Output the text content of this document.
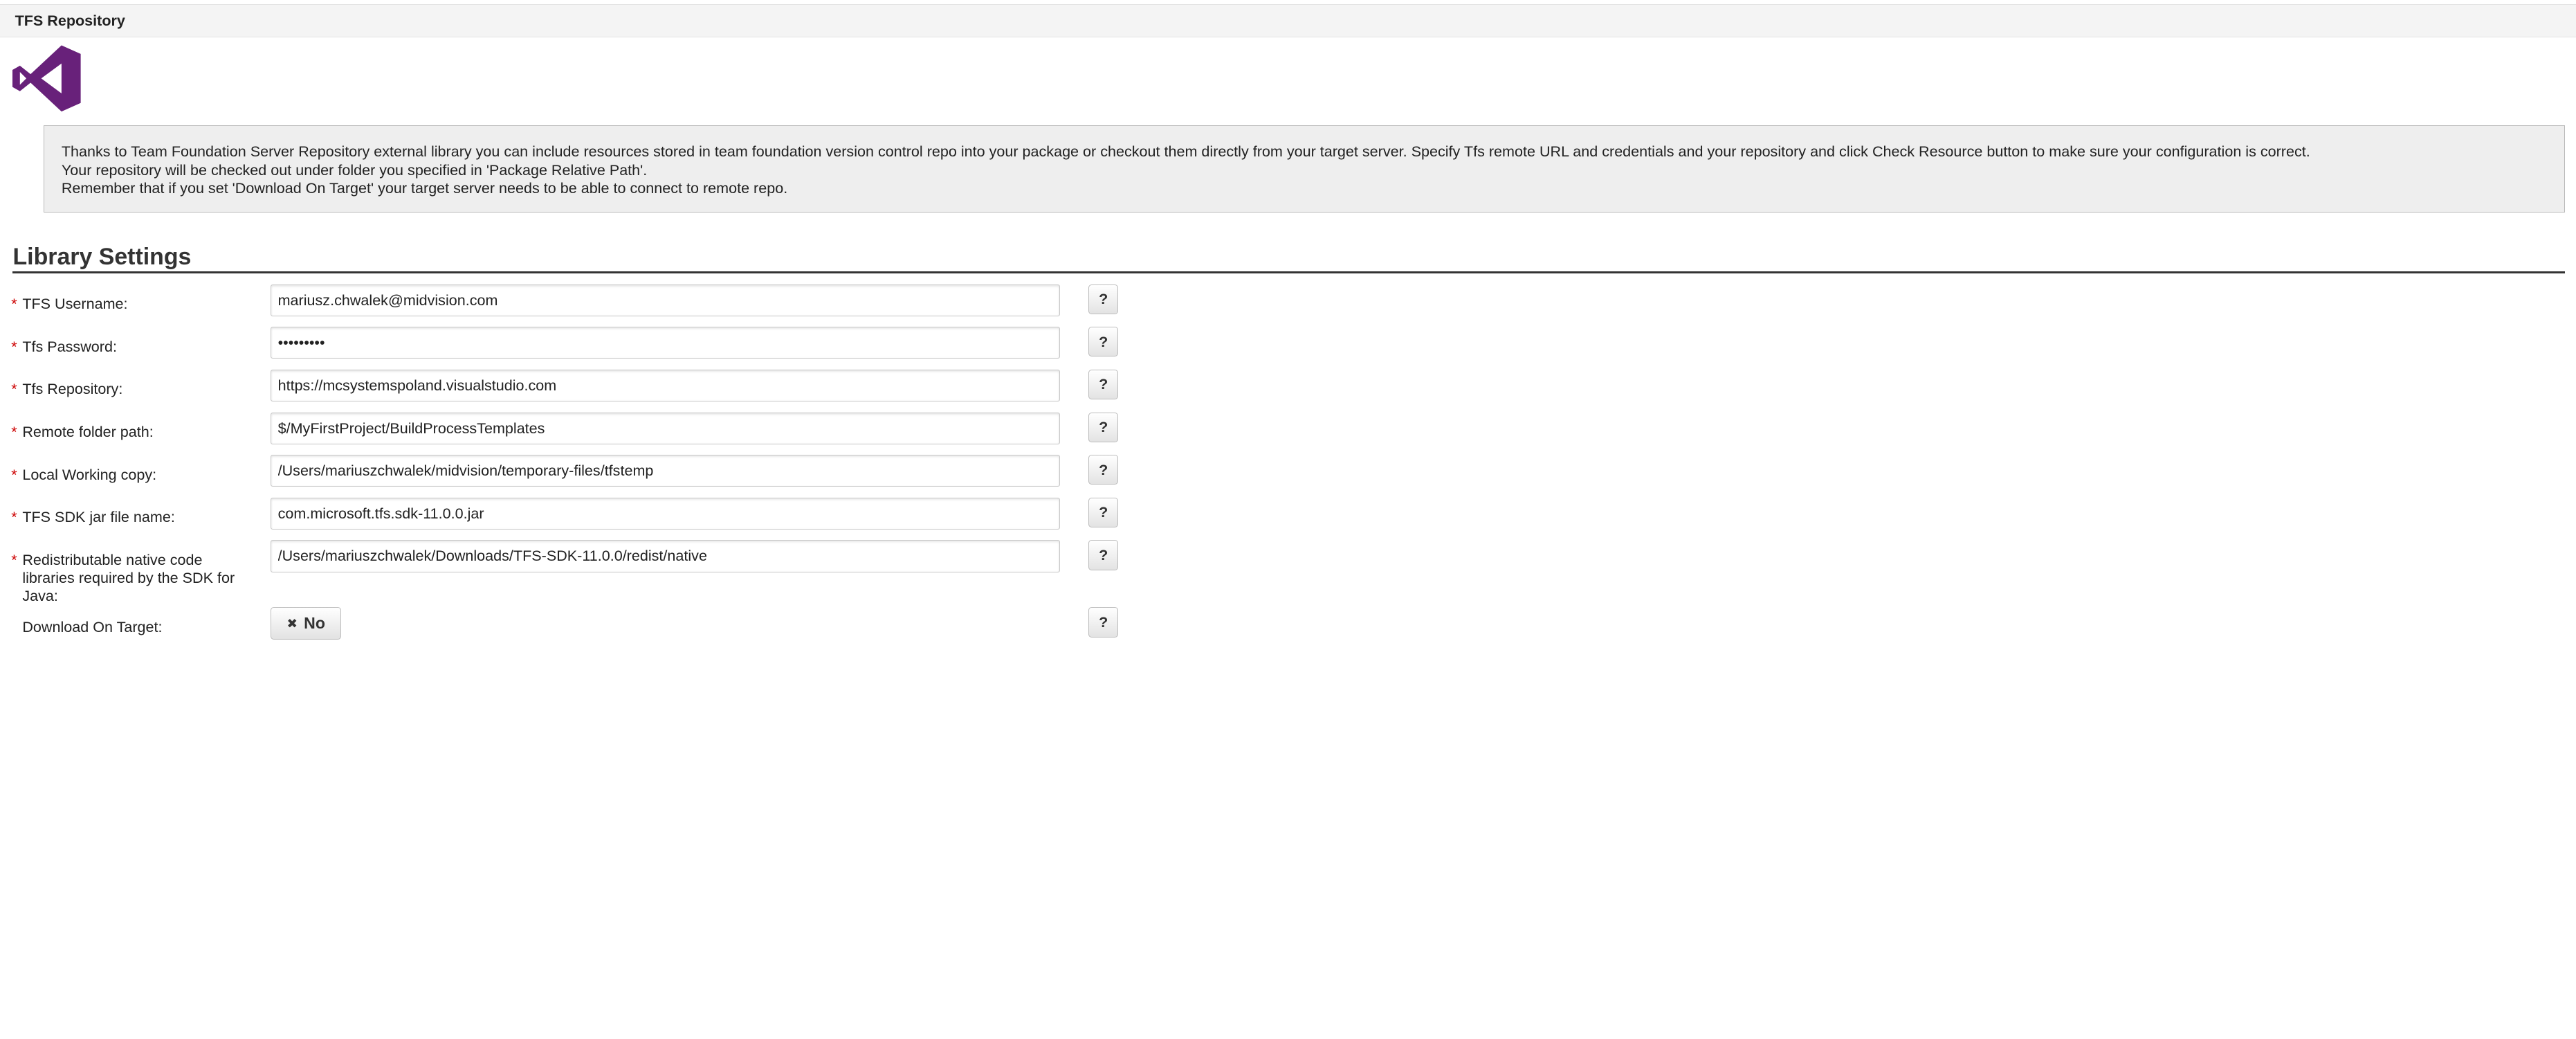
TFS Repository
Thanks to Team Foundation Server Repository external library you can include resources stored in team foundation version control repo into your package or checkout them directly from your target server. Specify Tfs remote URL and credentials and your repository and click Check Resource button to make sure your configuration is correct.
Your repository will be checked out under folder you specified in 'Package Relative Path'.
Remember that if you set 'Download On Target' your target server needs to be able to connect to remote repo.
Library Settings
* TFS Username:
mariusz.chwalek@midvision.com	?
* Tfs Password:
•••••••••	?
* Tfs Repository:
https://mcsystemspoland.visualstudio.com	?
* Remote folder path:
$/MyFirstProject/BuildProcessTemplates	?
* Local Working copy:
/Users/mariuszchwalek/midvision/temporary-files/tfstemp	?
* TFS SDK jar file name:
com.microsoft.tfs.sdk-11.0.0.jar	?
* Redistributable native code libraries required by the SDK for Java:
/Users/mariuszchwalek/Downloads/TFS-SDK-11.0.0/redist/native
?
Download On Target:	✖ No	?
